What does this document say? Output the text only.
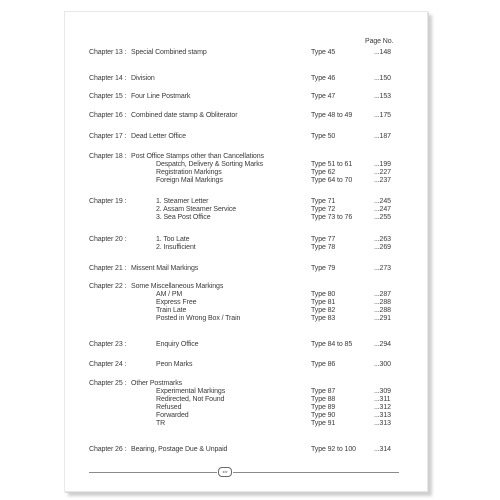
Page No.
Chapter 13 : Special Combined stamp	Type 45	...148
Chapter 14 : Division	Type 46	...150
Chapter 15 : Four Line Postmark	Type 47	...153
Chapter 16 : Combined date stamp & Obliterator	Type 48 to 49	...175
Chapter 17 : Dead Letter Office	Type 50	...187
Chapter 18 : Post Office Stamps other than Cancellations
Despatch, Delivery & Sorting Marks	Type 51 to 61	...199
Registration Markings	Type 62	...227
Foreign Mail Markings	Type 64 to 70	...237
Chapter 19 :	1. Steamer Letter	Type 71	...245
2. Assam Steamer Service	Type 72	...247
3. Sea Post Office	Type 73 to 76	...255
Chapter 20 :	1. Too Late	Type 77	...263
2. Insufficient	Type 78	...269
Chapter 21 : Missent Mail Markings	Type 79	...273
Chapter 22 : Some Miscellaneous Markings
AM / PM	Type 80	...287
Express Free	Type 81	...288
Train Late	Type 82	...288
Posted in Wrong Box / Train	Type 83	...291
Chapter 23 :	Enquiry Office	Type 84 to 85	...294
Chapter 24 :	Peon Marks	Type 86	...300
Chapter 25 : Other Postmarks
Experimental Markings	Type 87	...309
Redirected, Not Found	Type 88	...311
Refused	Type 89	...312
Forwarded	Type 90	...313
TR	Type 91	...313
Chapter 26 : Bearing, Postage Due & Unpaid	Type 92 to 100	...314
xiv
